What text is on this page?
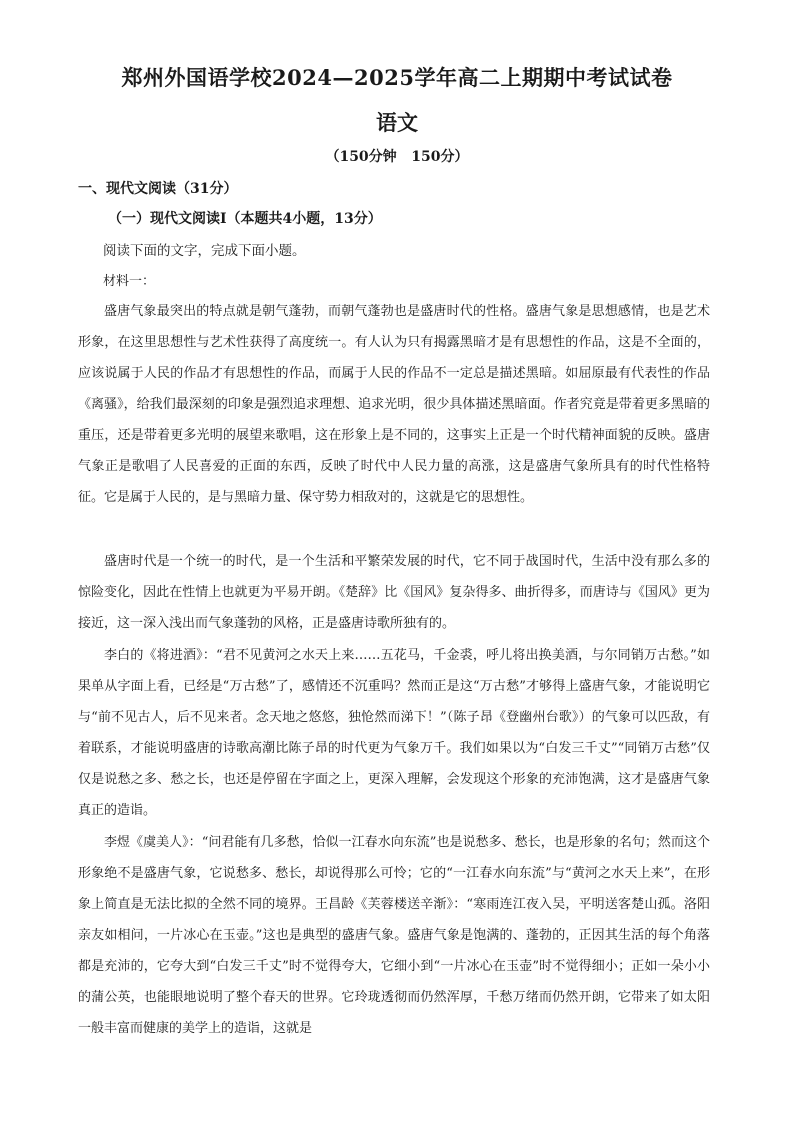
郑州外国语学校2024—2025学年高二上期期中考试试卷
语文
（150分钟   150分）
一、现代文阅读（31分）
（一）现代文阅读Ⅰ（本题共4小题，13分）
阅读下面的文字，完成下面小题。
材料一：

盛唐气象最突出的特点就是朝气蓬勃，而朝气蓬勃也是盛唐时代的性格。盛唐气象是思想感情，也是艺术形象，在这里思想性与艺术性获得了高度统一。有人认为只有揭露黑暗才是有思想性的作品，这是不全面的，应该说属于人民的作品才有思想性的作品，而属于人民的作品不一定总是描述黑暗。如屈原最有代表性的作品《离骚》，给我们最深刻的印象是强烈追求理想、追求光明，很少具体描述黑暗面。作者究竟是带着更多黑暗的重压，还是带着更多光明的展望来歌唱，这在形象上是不同的，这事实上正是一个时代精神面貌的反映。盛唐气象正是歌唱了人民喜爱的正面的东西，反映了时代中人民力量的高涨，这是盛唐气象所具有的时代性格特征。它是属于人民的，是与黑暗力量、保守势力相敌对的，这就是它的思想性。

盛唐时代是一个统一的时代，是一个生活和平繁荣发展的时代，它不同于战国时代，生活中没有那么多的惊险变化，因此在性情上也就更为平易开朗。《楚辞》比《国风》复杂得多、曲折得多，而唐诗与《国风》更为接近，这一深入浅出而气象蓬勃的风格，正是盛唐诗歌所独有的。

李白的《将进酒》：“君不见黄河之水天上来……五花马，千金裘，呼儿将出换美酒，与尔同销万古愁。”如果单从字面上看，已经是“万古愁”了，感情还不沉重吗？然而正是这“万古愁”才够得上盛唐气象，才能说明它与“前不见古人，后不见来者。念天地之悠悠，独怆然而涕下！”（陈子昂《登幽州台歌》）的气象可以匹敌，有着联系，才能说明盛唐的诗歌高潮比陈子昂的时代更为气象万千。我们如果以为“白发三千丈”“同销万古愁”仅仅是说愁之多、愁之长，也还是停留在字面之上，更深入理解，会发现这个形象的充沛饱满，这才是盛唐气象真正的造诣。

李煜《虞美人》：“问君能有几多愁，恰似一江春水向东流”也是说愁多、愁长，也是形象的名句；然而这个形象绝不是盛唐气象，它说愁多、愁长，却说得那么可怜；它的“一江春水向东流”与“黄河之水天上来”，在形象上简直是无法比拟的全然不同的境界。王昌龄《芙蓉楼送辛渐》：“寒雨连江夜入吴，平明送客楚山孤。洛阳亲友如相问，一片冰心在玉壶。”这也是典型的盛唐气象。盛唐气象是饱满的、蓬勃的，正因其生活的每个角落都是充沛的，它夸大到“白发三千丈”时不觉得夸大，它细小到“一片冰心在玉壶”时不觉得细小；正如一朵小小的蒲公英，也能眼地说明了整个春天的世界。它玲珑透彻而仍然浑厚，千愁万绪而仍然开朗，它带来了如太阳一般丰富而健康的美学上的造诣，这就是
